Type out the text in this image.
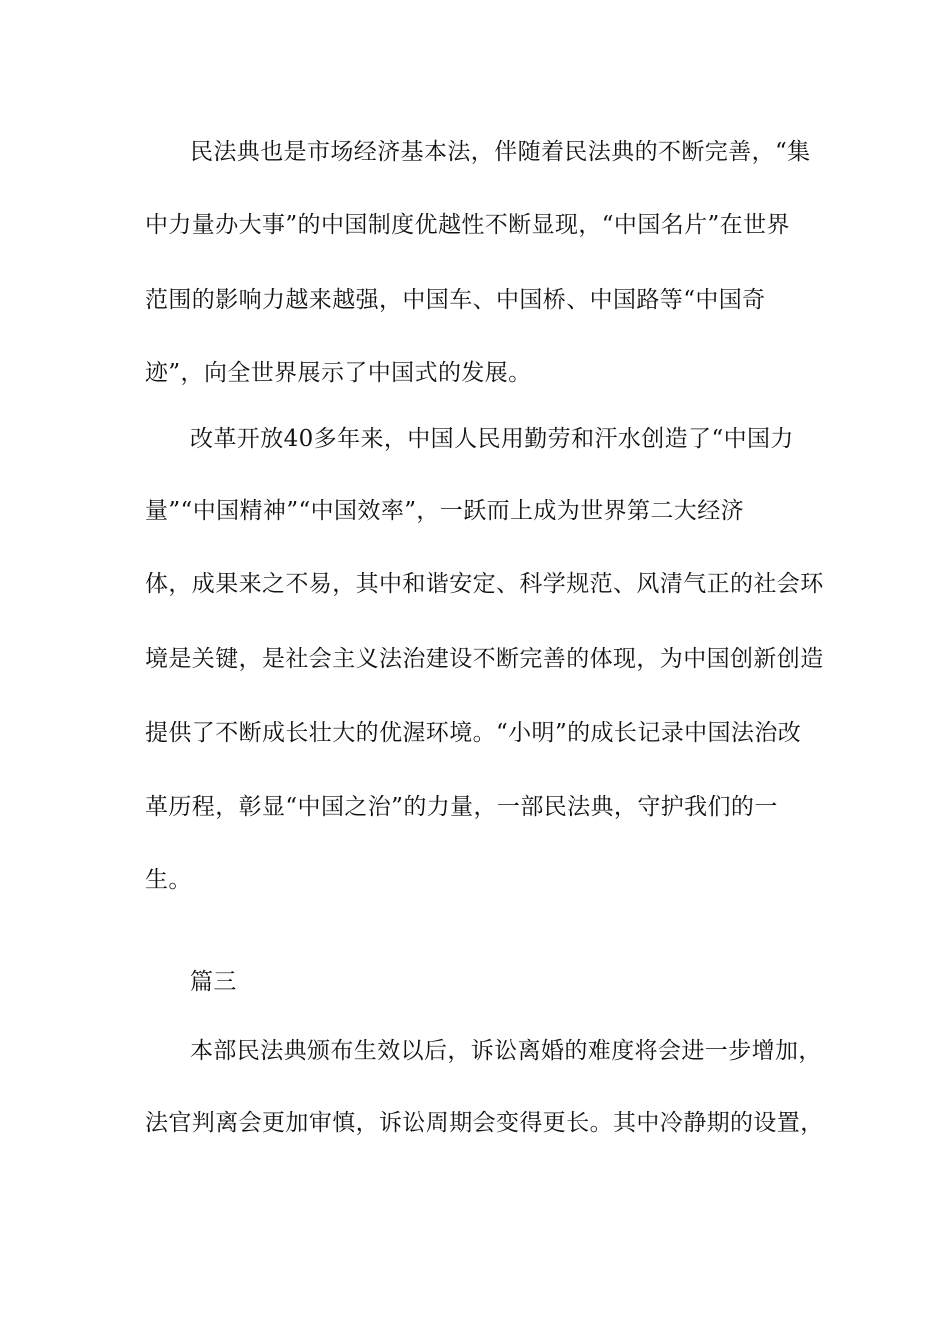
民法典也是市场经济基本法，伴随着民法典的不断完善，“集
中力量办大事”的中国制度优越性不断显现，“中国名片”在世界
范围的影响力越来越强，中国车、中国桥、中国路等“中国奇
迹”，向全世界展示了中国式的发展。
改革开放40多年来，中国人民用勤劳和汗水创造了“中国力
量”“中国精神”“中国效率”，一跃而上成为世界第二大经济
体，成果来之不易，其中和谐安定、科学规范、风清气正的社会环
境是关键，是社会主义法治建设不断完善的体现，为中国创新创造
提供了不断成长壮大的优渥环境。“小明”的成长记录中国法治改
革历程，彰显“中国之治”的力量，一部民法典，守护我们的一
生。
篇三
本部民法典颁布生效以后，诉讼离婚的难度将会进一步增加，
法官判离会更加审慎，诉讼周期会变得更长。其中冷静期的设置，
